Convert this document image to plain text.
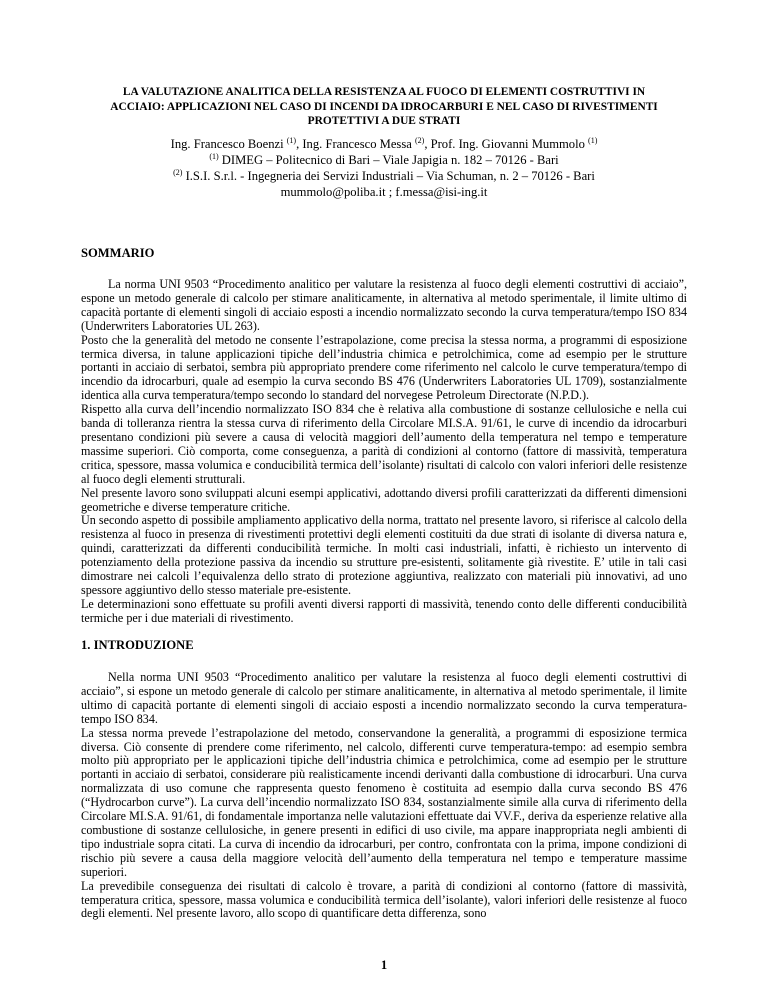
LA VALUTAZIONE ANALITICA DELLA RESISTENZA AL FUOCO DI ELEMENTI COSTRUTTIVI IN ACCIAIO: APPLICAZIONI NEL CASO DI INCENDI DA IDROCARBURI E NEL CASO DI RIVESTIMENTI PROTETTIVI A DUE STRATI
Ing. Francesco Boenzi $^{(1)}$, Ing. Francesco Messa $^{(2)}$, Prof. Ing. Giovanni Mummolo $^{(1)}$
$^{(1)}$ DIMEG – Politecnico di Bari – Viale Japigia n. 182 – 70126 - Bari
$^{(2)}$ I.S.I. S.r.l. - Ingegneria dei Servizi Industriali – Via Schuman, n. 2 – 70126 - Bari
mummolo@poliba.it ; f.messa@isi-ing.it
SOMMARIO

La norma UNI 9503 “Procedimento analitico per valutare la resistenza al fuoco degli elementi costruttivi di acciaio”, espone un metodo generale di calcolo per stimare analiticamente, in alternativa al metodo sperimentale, il limite ultimo di capacità portante di elementi singoli di acciaio esposti a incendio normalizzato secondo la curva temperatura/tempo ISO 834 (Underwriters Laboratories UL 263).

Posto che la generalità del metodo ne consente l’estrapolazione, come precisa la stessa norma, a programmi di esposizione termica diversa, in talune applicazioni tipiche dell’industria chimica e petrolchimica, come ad esempio per le strutture portanti in acciaio di serbatoi, sembra più appropriato prendere come riferimento nel calcolo le curve temperatura/tempo di incendio da idrocarburi, quale ad esempio la curva secondo BS 476 (Underwriters Laboratories UL 1709), sostanzialmente identica alla curva temperatura/tempo secondo lo standard del norvegese Petroleum Directorate (N.P.D.).

Rispetto alla curva dell’incendio normalizzato ISO 834 che è relativa alla combustione di sostanze cellulosiche e nella cui banda di tolleranza rientra la stessa curva di riferimento della Circolare MI.S.A. 91/61, le curve di incendio da idrocarburi presentano condizioni più severe a causa di velocità maggiori dell’aumento della temperatura nel tempo e temperature massime superiori. Ciò comporta, come conseguenza, a parità di condizioni al contorno (fattore di massività, temperatura critica, spessore, massa volumica e conducibilità termica dell’isolante) risultati di calcolo con valori inferiori delle resistenze al fuoco degli elementi strutturali.

Nel presente lavoro sono sviluppati alcuni esempi applicativi, adottando diversi profili caratterizzati da differenti dimensioni geometriche e diverse temperature critiche.

Un secondo aspetto di possibile ampliamento applicativo della norma, trattato nel presente lavoro, si riferisce al calcolo della resistenza al fuoco in presenza di rivestimenti protettivi degli elementi costituiti da due strati di isolante di diversa natura e, quindi, caratterizzati da differenti conducibilità termiche. In molti casi industriali, infatti, è richiesto un intervento di potenziamento della protezione passiva da incendio su strutture pre-esistenti, solitamente già rivestite. E’ utile in tali casi dimostrare nei calcoli l’equivalenza dello strato di protezione aggiuntiva, realizzato con materiali più innovativi, ad uno spessore aggiuntivo dello stesso materiale pre-esistente.

Le determinazioni sono effettuate su profili aventi diversi rapporti di massività, tenendo conto delle differenti conducibilità termiche per i due materiali di rivestimento.

1. INTRODUZIONE

Nella norma UNI 9503 “Procedimento analitico per valutare la resistenza al fuoco degli elementi costruttivi di acciaio”, si espone un metodo generale di calcolo per stimare analiticamente, in alternativa al metodo sperimentale, il limite ultimo di capacità portante di elementi singoli di acciaio esposti a incendio normalizzato secondo la curva temperatura-tempo ISO 834.

La stessa norma prevede l’estrapolazione del metodo, conservandone la generalità, a programmi di esposizione termica diversa. Ciò consente di prendere come riferimento, nel calcolo, differenti curve temperatura-tempo: ad esempio sembra molto più appropriato per le applicazioni tipiche dell’industria chimica e petrolchimica, come ad esempio per le strutture portanti in acciaio di serbatoi, considerare più realisticamente incendi derivanti dalla combustione di idrocarburi. Una curva normalizzata di uso comune che rappresenta questo fenomeno è costituita ad esempio dalla curva secondo BS 476 (“Hydrocarbon curve”). La curva dell’incendio normalizzato ISO 834, sostanzialmente simile alla curva di riferimento della Circolare MI.S.A. 91/61, di fondamentale importanza nelle valutazioni effettuate dai VV.F., deriva da esperienze relative alla combustione di sostanze cellulosiche, in genere presenti in edifici di uso civile, ma appare inappropriata negli ambienti di tipo industriale sopra citati. La curva di incendio da idrocarburi, per contro, confrontata con la prima, impone condizioni di rischio più severe a causa della maggiore velocità dell’aumento della temperatura nel tempo e temperature massime superiori.

La prevedibile conseguenza dei risultati di calcolo è trovare, a parità di condizioni al contorno (fattore di massività, temperatura critica, spessore, massa volumica e conducibilità termica dell’isolante), valori inferiori delle resistenze al fuoco degli elementi. Nel presente lavoro, allo scopo di quantificare detta differenza, sono

1
